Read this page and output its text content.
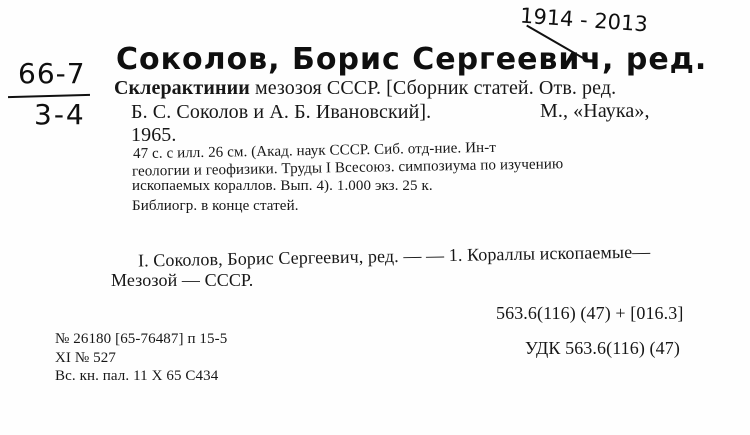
66-7
3-4
1914 - 2013
Соколов, Борис Сергеевич, ред.
Склерактинии мезозоя СССР. [Сборник статей. Отв. ред.
Б. С. Соколов и А. Б. Ивановский].	М., «Наука»,
1965.
47 с. с илл. 26 см. (Акад. наук СССР. Сиб. отд-ние. Ин-т
геологии и геофизики. Труды I Всесоюз. симпозиума по изучению
ископаемых кораллов. Вып. 4). 1.000 экз. 25 к.
Библиогр. в конце статей.
I. Соколов, Борис Сергеевич, ред. — — 1. Кораллы ископаемые—
Мезозой — СССР.
563.6(116) (47) + [016.3]
УДК 563.6(116) (47)
№ 26180 [65-76487] п 15-5
XI № 527
Вс. кн. пал. 11 X 65 С434
